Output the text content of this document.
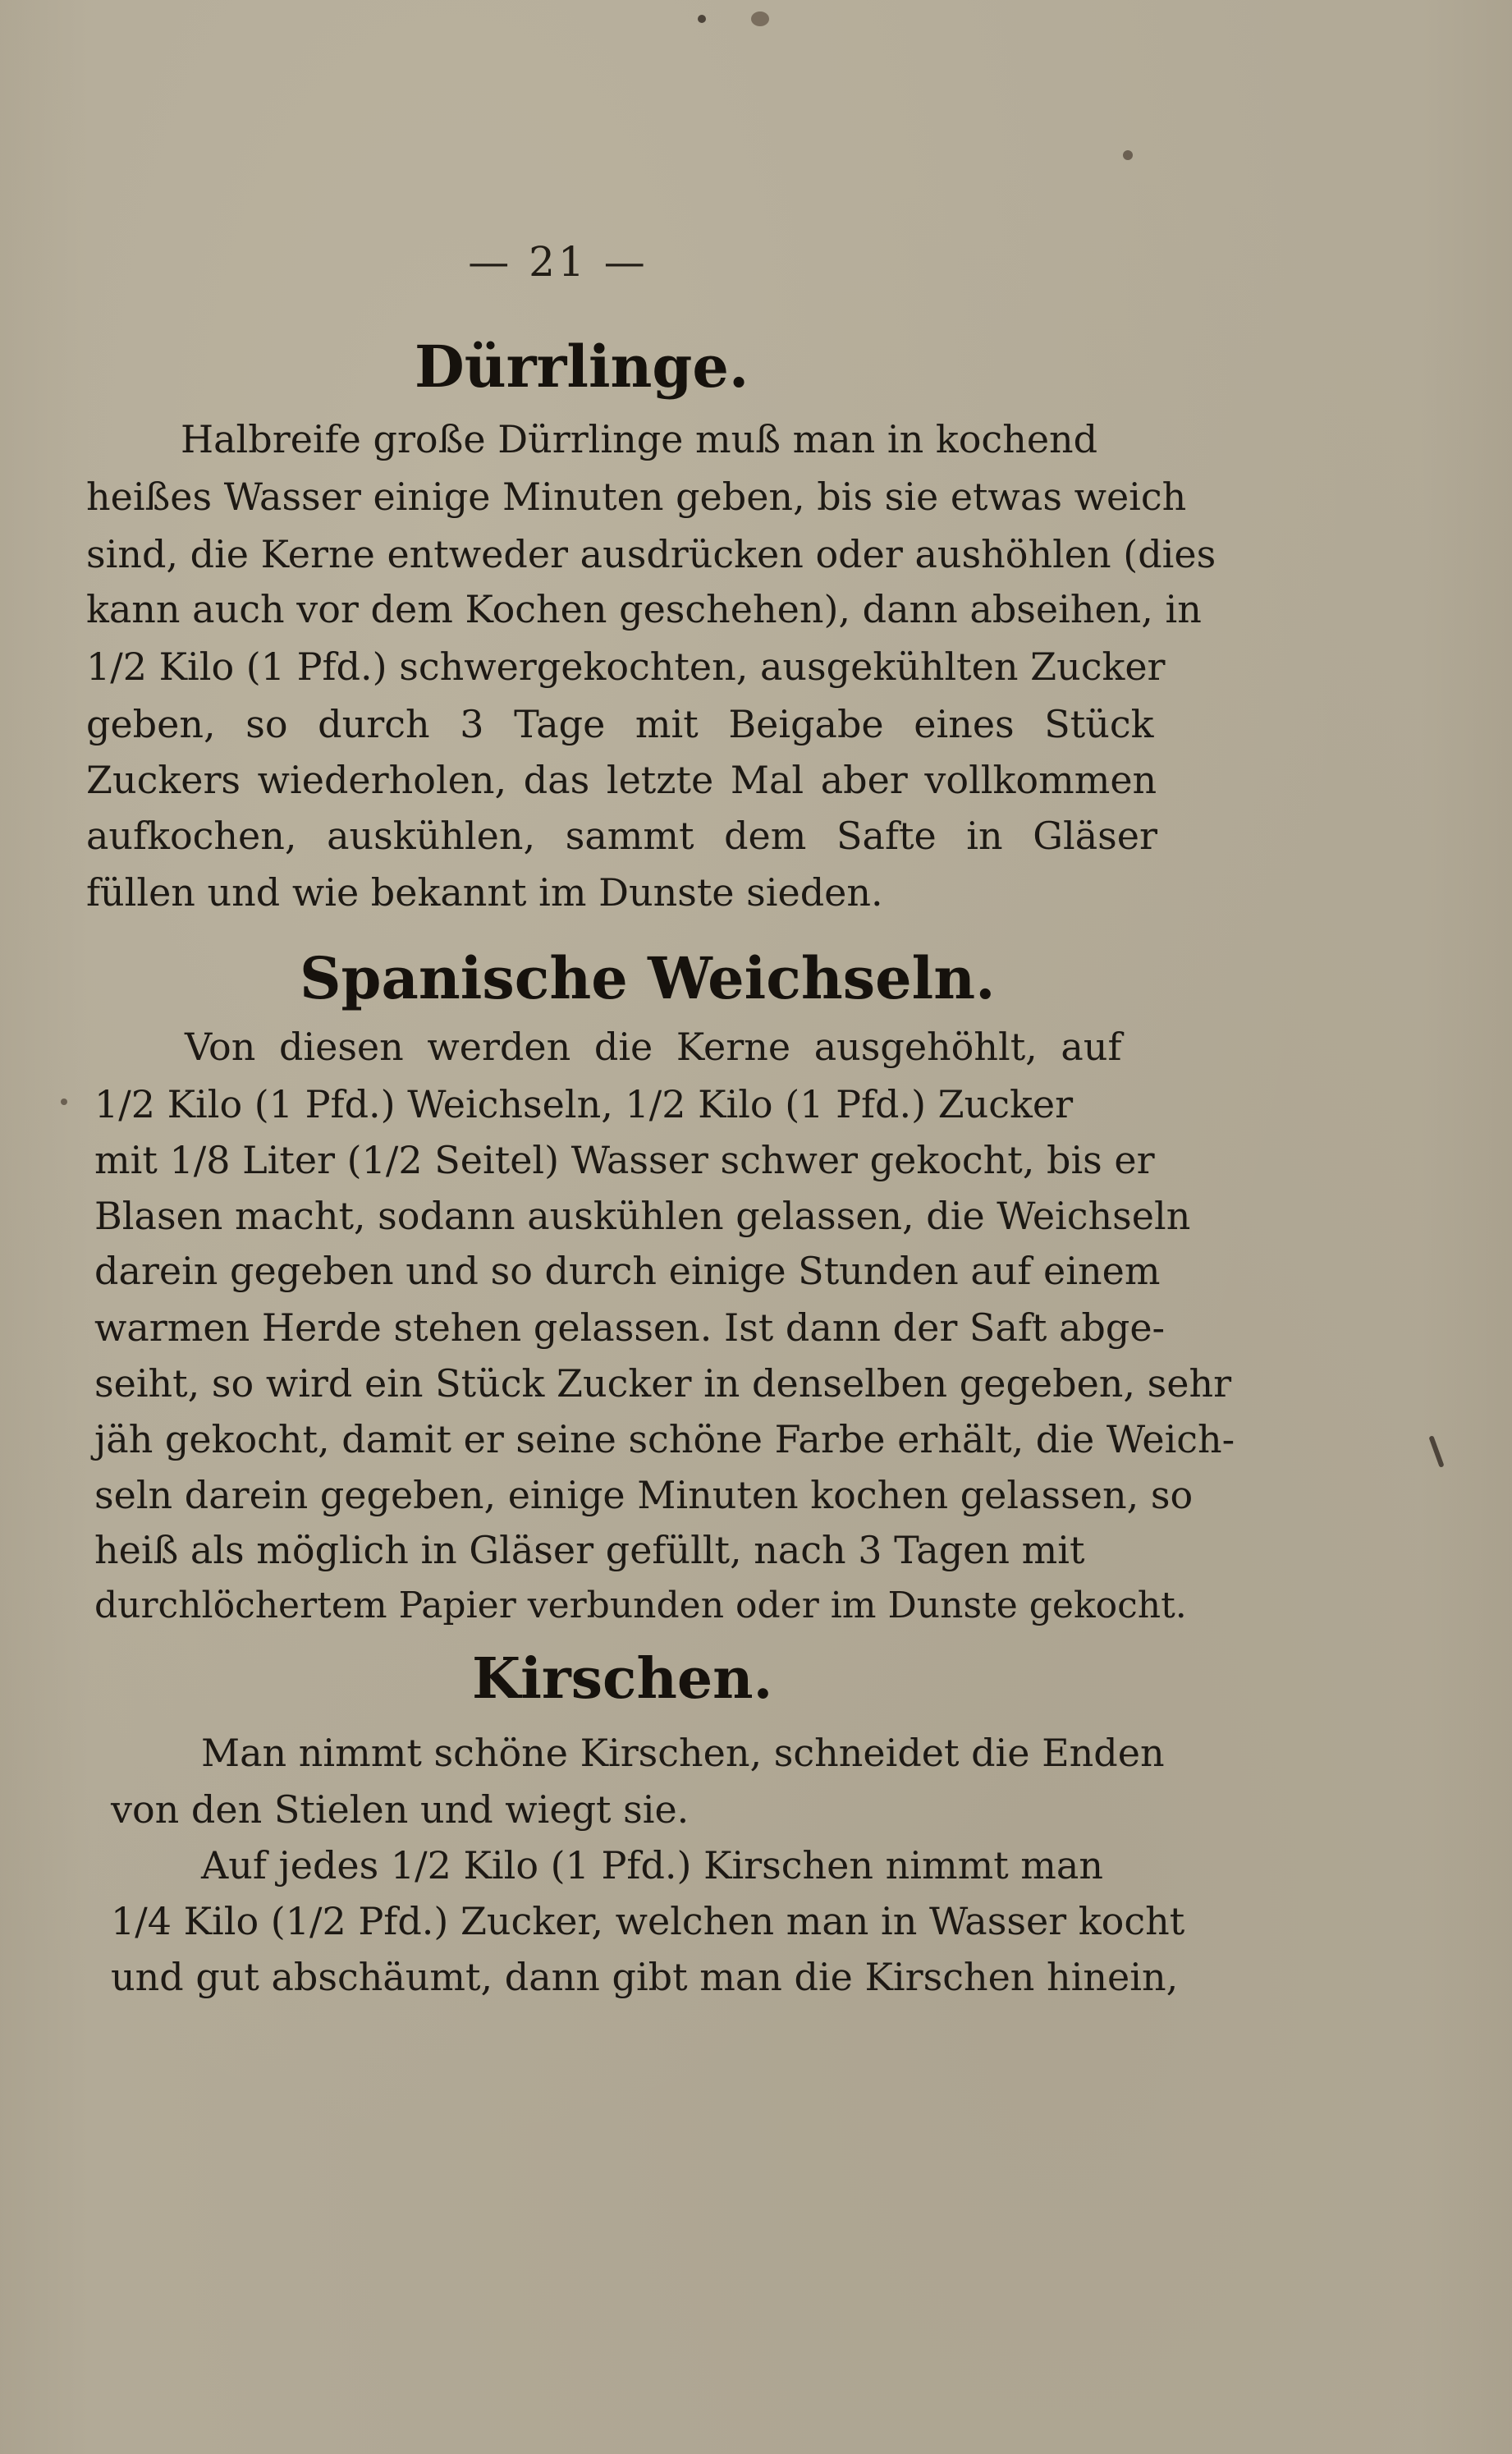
— 21 —
Dürrlinge.
Halbreife große Dürrlinge muß man in kochend
heißes Wasser einige Minuten geben, bis sie etwas weich
sind, die Kerne entweder ausdrücken oder aushöhlen (dies
kann auch vor dem Kochen geschehen), dann abseihen, in
1/2 Kilo (1 Pfd.) schwergekochten, ausgekühlten Zucker
geben, so durch 3 Tage mit Beigabe eines Stück
Zuckers wiederholen, das letzte Mal aber vollkommen
aufkochen, auskühlen, sammt dem Safte in Gläser
füllen und wie bekannt im Dunste sieden.
Spanische Weichseln.
Von diesen werden die Kerne ausgehöhlt, auf
1/2 Kilo (1 Pfd.) Weichseln, 1/2 Kilo (1 Pfd.) Zucker
mit 1/8 Liter (1/2 Seitel) Wasser schwer gekocht, bis er
Blasen macht, sodann auskühlen gelassen, die Weichseln
darein gegeben und so durch einige Stunden auf einem
warmen Herde stehen gelassen. Ist dann der Saft abge-
seiht, so wird ein Stück Zucker in denselben gegeben, sehr
jäh gekocht, damit er seine schöne Farbe erhält, die Weich-
seln darein gegeben, einige Minuten kochen gelassen, so
heiß als möglich in Gläser gefüllt, nach 3 Tagen mit
durchlöchertem Papier verbunden oder im Dunste gekocht.
Kirschen.
Man nimmt schöne Kirschen, schneidet die Enden
von den Stielen und wiegt sie.
Auf jedes 1/2 Kilo (1 Pfd.) Kirschen nimmt man
1/4 Kilo (1/2 Pfd.) Zucker, welchen man in Wasser kocht
und gut abschäumt, dann gibt man die Kirschen hinein,
